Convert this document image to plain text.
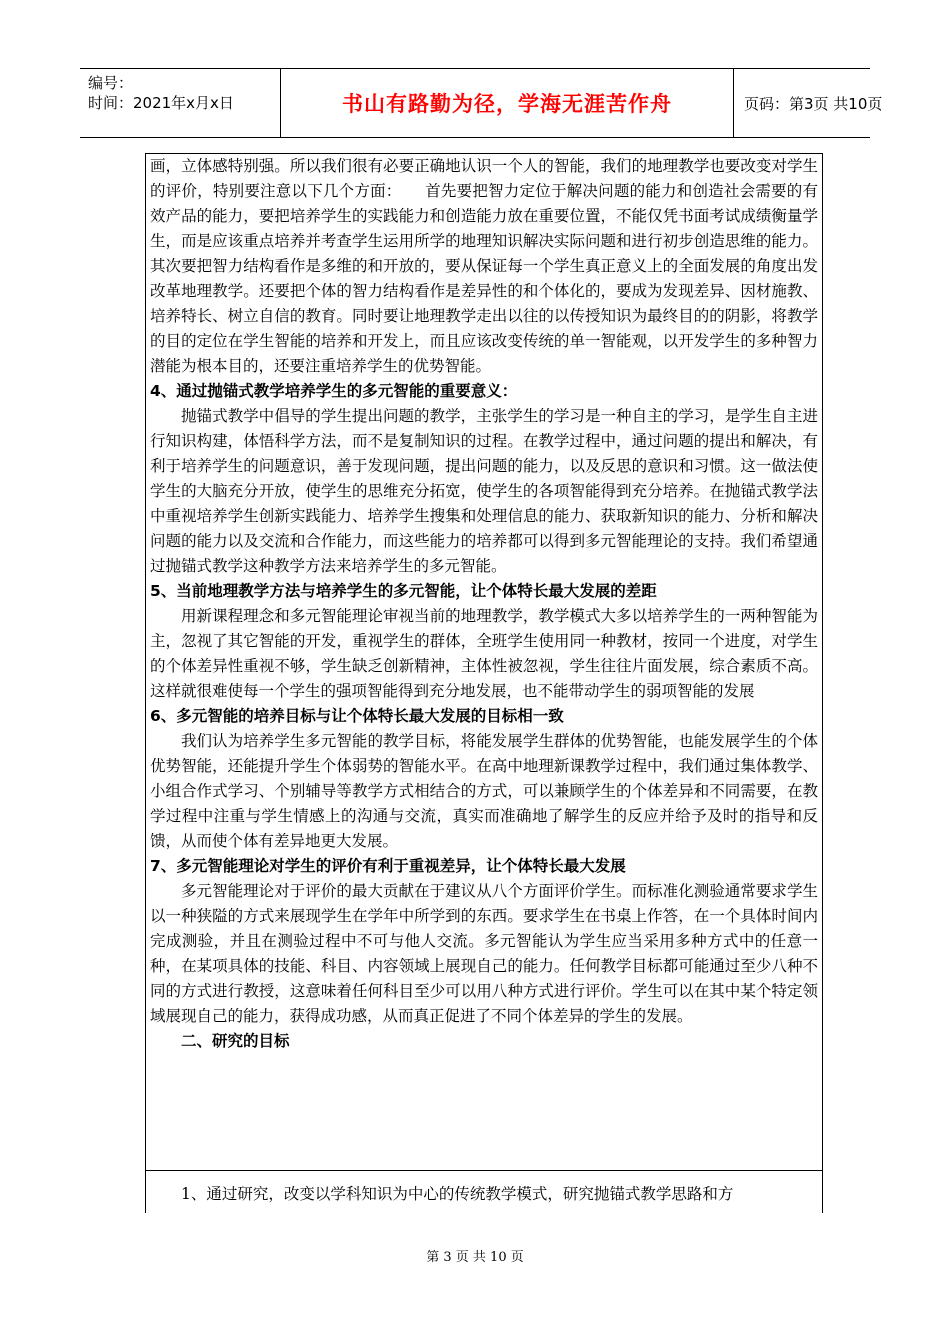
编号：
时间：2021年x月x日	书山有路勤为径，学海无涯苦作舟	页码：第3页 共10页

画，立体感特别强。所以我们很有必要正确地认识一个人的智能，我们的地理教学也要改变对学生的评价，特别要注意以下几个方面：　　首先要把智力定位于解决问题的能力和创造社会需要的有效产品的能力，要把培养学生的实践能力和创造能力放在重要位置，不能仅凭书面考试成绩衡量学生，而是应该重点培养并考查学生运用所学的地理知识解决实际问题和进行初步创造思维的能力。其次要把智力结构看作是多维的和开放的，要从保证每一个学生真正意义上的全面发展的角度出发改革地理教学。还要把个体的智力结构看作是差异性的和个体化的，要成为发现差异、因材施教、培养特长、树立自信的教育。同时要让地理教学走出以往的以传授知识为最终目的的阴影，将教学的目的定位在学生智能的培养和开发上，而且应该改变传统的单一智能观，以开发学生的多种智力潜能为根本目的，还要注重培养学生的优势智能。

4、通过抛锚式教学培养学生的多元智能的重要意义：

抛锚式教学中倡导的学生提出问题的教学，主张学生的学习是一种自主的学习，是学生自主进行知识构建，体悟科学方法，而不是复制知识的过程。在教学过程中，通过问题的提出和解决，有利于培养学生的问题意识，善于发现问题，提出问题的能力，以及反思的意识和习惯。这一做法使学生的大脑充分开放，使学生的思维充分拓宽，使学生的各项智能得到充分培养。在抛锚式教学法中重视培养学生创新实践能力、培养学生搜集和处理信息的能力、获取新知识的能力、分析和解决问题的能力以及交流和合作能力，而这些能力的培养都可以得到多元智能理论的支持。我们希望通过抛锚式教学这种教学方法来培养学生的多元智能。

5、当前地理教学方法与培养学生的多元智能，让个体特长最大发展的差距

用新课程理念和多元智能理论审视当前的地理教学，教学模式大多以培养学生的一两种智能为主，忽视了其它智能的开发，重视学生的群体，全班学生使用同一种教材，按同一个进度，对学生的个体差异性重视不够，学生缺乏创新精神，主体性被忽视，学生往往片面发展，综合素质不高。这样就很难使每一个学生的强项智能得到充分地发展，也不能带动学生的弱项智能的发展

6、多元智能的培养目标与让个体特长最大发展的目标相一致

我们认为培养学生多元智能的教学目标，将能发展学生群体的优势智能，也能发展学生的个体优势智能，还能提升学生个体弱势的智能水平。在高中地理新课教学过程中，我们通过集体教学、小组合作式学习、个别辅导等教学方式相结合的方式，可以兼顾学生的个体差异和不同需要，在教学过程中注重与学生情感上的沟通与交流，真实而准确地了解学生的反应并给予及时的指导和反馈，从而使个体有差异地更大发展。

7、多元智能理论对学生的评价有利于重视差异，让个体特长最大发展

多元智能理论对于评价的最大贡献在于建议从八个方面评价学生。而标准化测验通常要求学生以一种狭隘的方式来展现学生在学年中所学到的东西。要求学生在书桌上作答，在一个具体时间内完成测验，并且在测验过程中不可与他人交流。多元智能认为学生应当采用多种方式中的任意一种，在某项具体的技能、科目、内容领域上展现自己的能力。任何教学目标都可能通过至少八种不同的方式进行教授，这意味着任何科目至少可以用八种方式进行评价。学生可以在其中某个特定领域展现自己的能力，获得成功感，从而真正促进了不同个体差异的学生的发展。

二、研究的目标

1、通过研究，改变以学科知识为中心的传统教学模式，研究抛锚式教学思路和方
第 3 页 共 10 页
